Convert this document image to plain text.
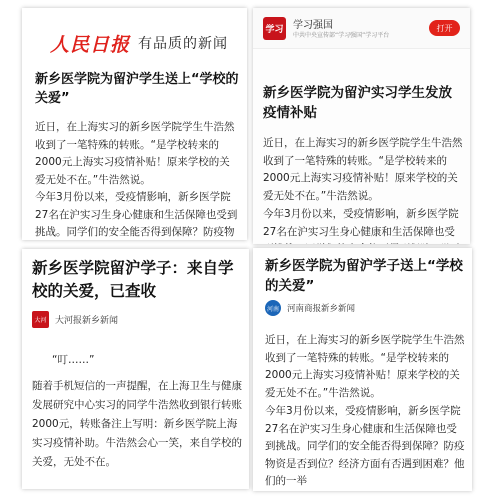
人民日报 有品质的新闻

新乡医学院为留沪学生送上“学校的关爱”

近日，在上海实习的新乡医学院学生牛浩然收到了一笔特殊的转账。“是学校转来的2000元上海实习疫情补贴！原来学校的关爱无处不在。”牛浩然说。

今年3月份以来，受疫情影响，新乡医学院27名在沪实习生身心健康和生活保障也受到挑战。同学们的安全能否得到保障？防疫物

学习 学习强国
中共中央宣传部“学习强国”学习平台
打开

新乡医学院为留沪实习学生发放疫情补贴

近日，在上海实习的新乡医学院学生牛浩然收到了一笔特殊的转账。“是学校转来的2000元上海实习疫情补贴！原来学校的关爱无处不在。”牛浩然说。

今年3月份以来，受疫情影响，新乡医学院27名在沪实习生身心健康和生活保障也受

新乡医学院留沪学子：来自学校的关爱，已查收

大河 大河报新乡新闻

“叮……”

随着手机短信的一声提醒，在上海卫生与健康发展研究中心实习的同学牛浩然收到银行转账2000元，转账备注上写明：新乡医学院上海实习疫情补助。牛浩然会心一笑，来自学校的关爱，无处不在。

新乡医学院为留沪学子送上“学校的关爱”

河南 河南商报新乡新闻

近日，在上海实习的新乡医学院学生牛浩然收到了一笔特殊的转账。“是学校转来的2000元上海实习疫情补贴！原来学校的关爱无处不在。”牛浩然说。

今年3月份以来，受疫情影响，新乡医学院27名在沪实习生身心健康和生活保障也受到挑战。同学们的安全能否得到保障？防疫物资是否到位？经济方面有否遇到困难？他们的一举
